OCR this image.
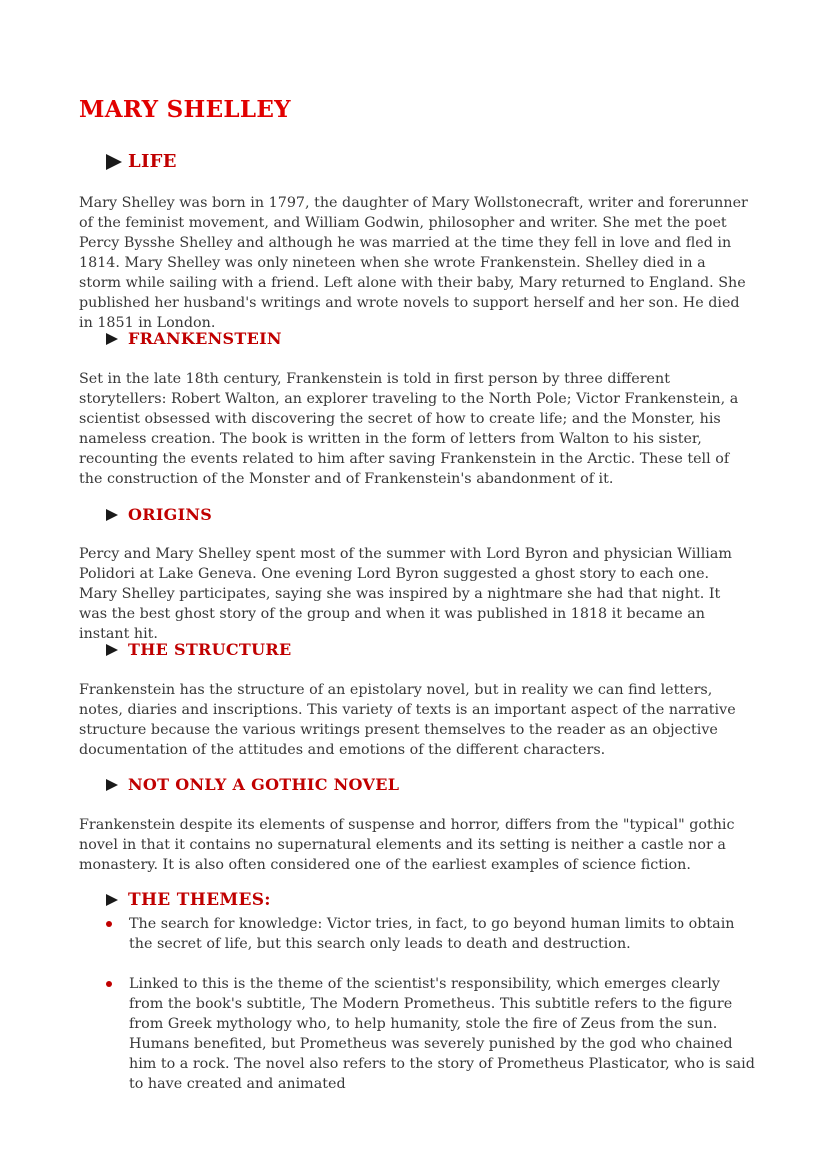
MARY SHELLEY
LIFE

Mary Shelley was born in 1797, the daughter of Mary Wollstonecraft, writer and forerunner of the feminist movement, and William Godwin, philosopher and writer. She met the poet Percy Bysshe Shelley and although he was married at the time they fell in love and fled in 1814. Mary Shelley was only nineteen when she wrote Frankenstein. Shelley died in a storm while sailing with a friend. Left alone with their baby, Mary returned to England. She published her husband's writings and wrote novels to support herself and her son. He died in 1851 in London.

FRANKENSTEIN

Set in the late 18th century, Frankenstein is told in first person by three different storytellers: Robert Walton, an explorer traveling to the North Pole; Victor Frankenstein, a scientist obsessed with discovering the secret of how to create life; and the Monster, his nameless creation. The book is written in the form of letters from Walton to his sister, recounting the events related to him after saving Frankenstein in the Arctic. These tell of the construction of the Monster and of Frankenstein's abandonment of it.

ORIGINS

Percy and Mary Shelley spent most of the summer with Lord Byron and physician William Polidori at Lake Geneva. One evening Lord Byron suggested a ghost story to each one. Mary Shelley participates, saying she was inspired by a nightmare she had that night. It was the best ghost story of the group and when it was published in 1818 it became an instant hit.

THE STRUCTURE

Frankenstein has the structure of an epistolary novel, but in reality we can find letters, notes, diaries and inscriptions. This variety of texts is an important aspect of the narrative structure because the various writings present themselves to the reader as an objective documentation of the attitudes and emotions of the different characters.

NOT ONLY A GOTHIC NOVEL

Frankenstein despite its elements of suspense and horror, differs from the "typical" gothic novel in that it contains no supernatural elements and its setting is neither a castle nor a monastery. It is also often considered one of the earliest examples of science fiction.

THE THEMES:
The search for knowledge: Victor tries, in fact, to go beyond human limits to obtain the secret of life, but this search only leads to death and destruction.
Linked to this is the theme of the scientist's responsibility, which emerges clearly from the book's subtitle, The Modern Prometheus. This subtitle refers to the figure from Greek mythology who, to help humanity, stole the fire of Zeus from the sun. Humans benefited, but Prometheus was severely punished by the god who chained him to a rock. The novel also refers to the story of Prometheus Plasticator, who is said to have created and animated
